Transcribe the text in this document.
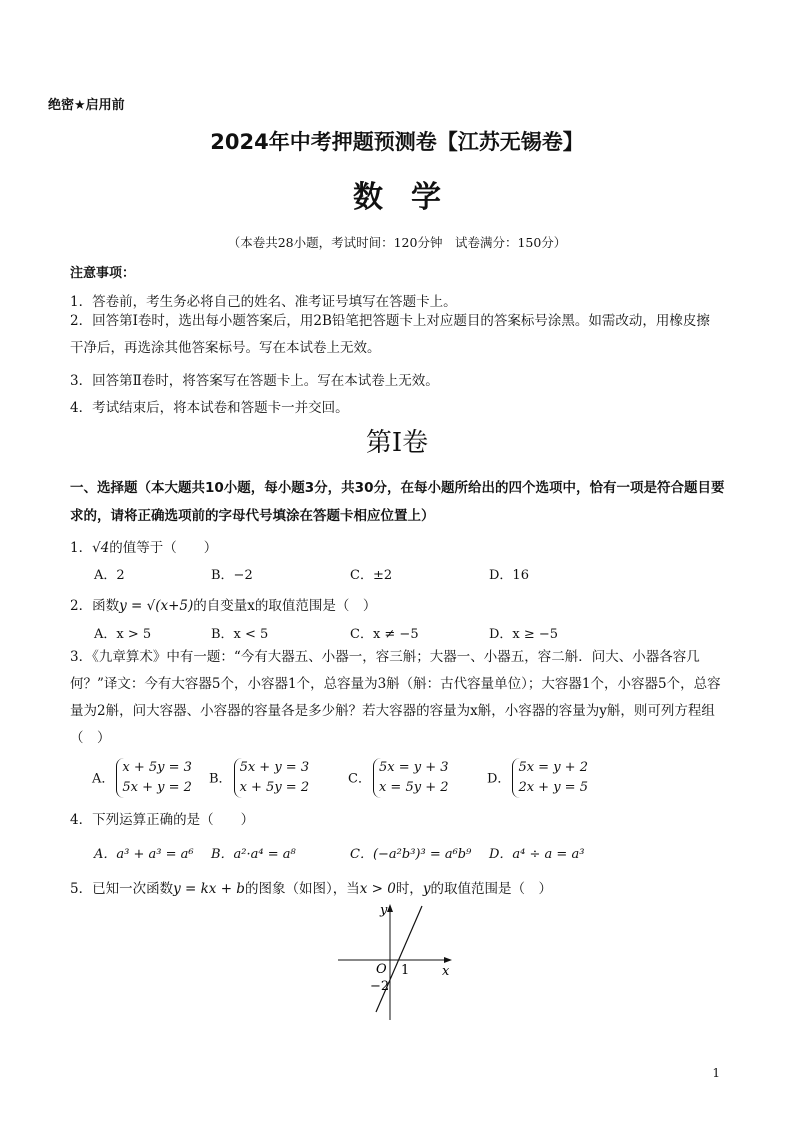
绝密★启用前
2024年中考押题预测卷【江苏无锡卷】
数学
（本卷共28小题，考试时间：120分钟　试卷满分：150分）
注意事项：
1．答卷前，考生务必将自己的姓名、准考证号填写在答题卡上。
2．回答第Ⅰ卷时，选出每小题答案后，用2B铅笔把答题卡上对应题目的答案标号涂黑。如需改动，用橡皮擦干净后，再选涂其他答案标号。写在本试卷上无效。
3．回答第Ⅱ卷时，将答案写在答题卡上。写在本试卷上无效。
4．考试结束后，将本试卷和答题卡一并交回。
第Ⅰ卷
一、选择题（本大题共10小题，每小题3分，共30分，在每小题所给出的四个选项中，恰有一项是符合题目要求的，请将正确选项前的字母代号填涂在答题卡相应位置上）
1．√4的值等于（　　）
A．2	B．−2	C．±2	D．16
2．函数y = √(x+5)的自变量x的取值范围是（　）
A．x > 5	B．x < 5	C．x ≠ −5	D．x ≥ −5
3．《九章算术》中有一题：“今有大器五、小器一，容三斛；大器一、小器五，容二斛．问大、小器各容几何？”译文：今有大容器5个，小容器1个，总容量为3斛（斛：古代容量单位）；大容器1个，小容器5个，总容量为2斛，问大容器、小容器的容量各是多少斛？若大容器的容量为x斛，小容器的容量为y斛，则可列方程组（　）
A．
x + 5y = 3
5x + y = 2
B．
5x + y = 3
x + 5y = 2
C．
5x = y + 3
x = 5y + 2
D．
5x = y + 2
2x + y = 5
4．下列运算正确的是（　　）
A．a³ + a³ = a⁶ B．a²·a⁴ = a⁸	C．(−a²b³)³ = a⁶b⁹ D．a⁴ ÷ a = a³
5．已知一次函数y = kx + b的图象（如图），当x > 0时，y的取值范围是（　）
y
x
O 1
−2
1
